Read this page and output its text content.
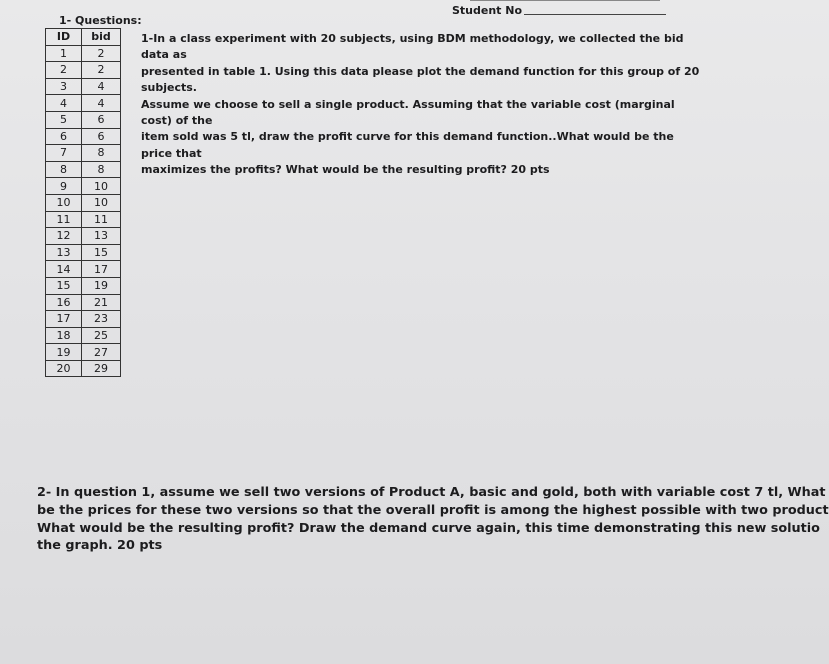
Student No
1- Questions:
ID	bid
1	2
2	2
3	4
4	4
5	6
6	6
7	8
8	8
9	10
10	10
11	11
12	13
13	15
14	17
15	19
16	21
17	23
18	25
19	27
20	29
1-In a class experiment with 20 subjects, using BDM methodology, we collected the bid data as
presented in table 1. Using this data please plot the demand function for this group of 20 subjects.
Assume we choose to sell a single product. Assuming that the variable cost (marginal cost) of the
item sold was 5 tl, draw the profit curve for this demand function..What would be the price that
maximizes the profits? What would be the resulting profit? 20 pts
2- In question 1, assume we sell two versions of Product A, basic and gold, both with variable cost 7 tl, What
be the prices for these two versions so that the overall profit is among the highest possible with two product
What would be the resulting profit? Draw the demand curve again, this time demonstrating this new solutio
the graph. 20 pts
